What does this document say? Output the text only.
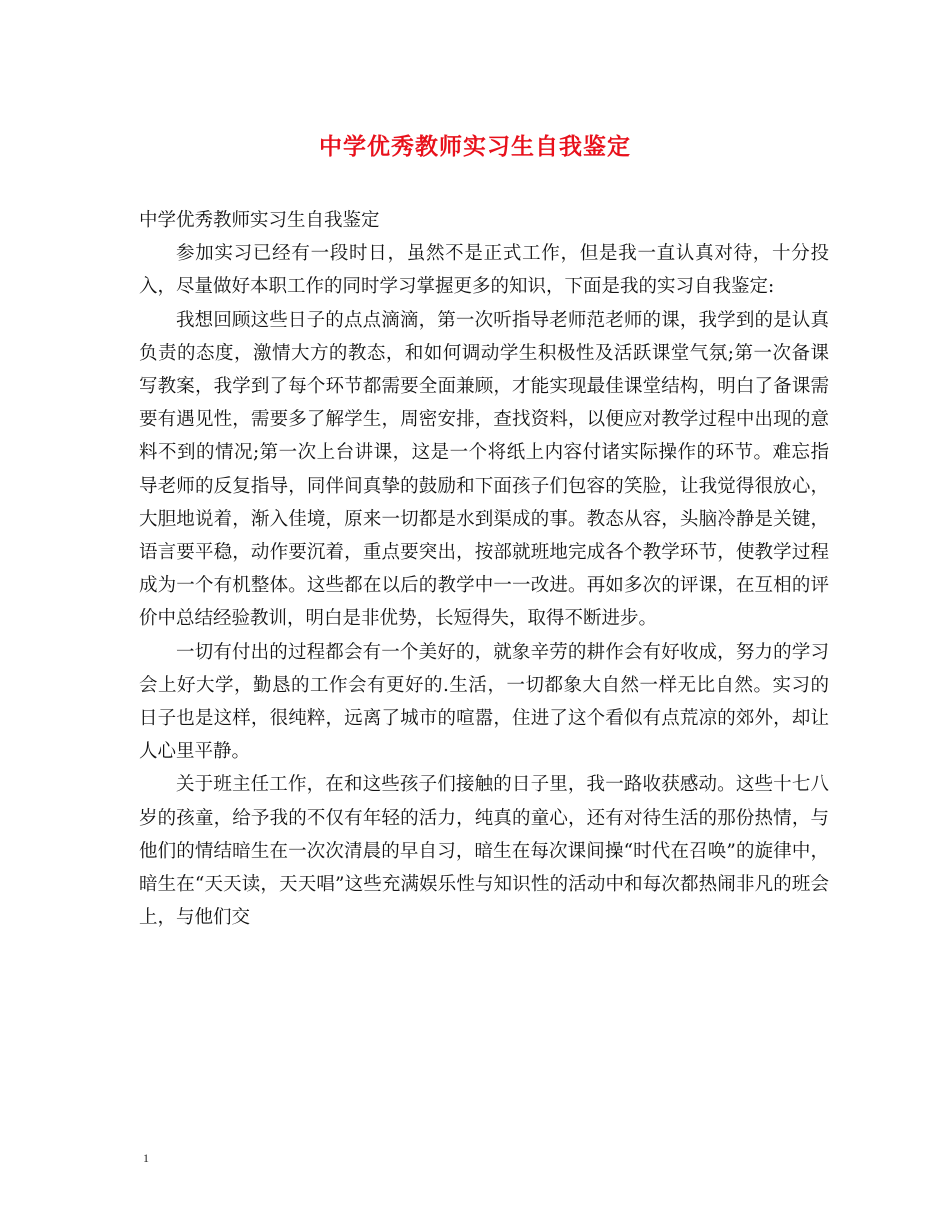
中学优秀教师实习生自我鉴定

中学优秀教师实习生自我鉴定

参加实习已经有一段时日，虽然不是正式工作，但是我一直认真对待，十分投入，尽量做好本职工作的同时学习掌握更多的知识，下面是我的实习自我鉴定:

我想回顾这些日子的点点滴滴，第一次听指导老师范老师的课，我学到的是认真负责的态度，激情大方的教态，和如何调动学生积极性及活跃课堂气氛;第一次备课写教案，我学到了每个环节都需要全面兼顾，才能实现最佳课堂结构，明白了备课需要有遇见性，需要多了解学生，周密安排，查找资料，以便应对教学过程中出现的意料不到的情况;第一次上台讲课，这是一个将纸上内容付诸实际操作的环节。难忘指导老师的反复指导，同伴间真挚的鼓励和下面孩子们包容的笑脸，让我觉得很放心，大胆地说着，渐入佳境，原来一切都是水到渠成的事。教态从容，头脑冷静是关键，语言要平稳，动作要沉着，重点要突出，按部就班地完成各个教学环节，使教学过程成为一个有机整体。这些都在以后的教学中一一改进。再如多次的评课，在互相的评价中总结经验教训，明白是非优势，长短得失，取得不断进步。

一切有付出的过程都会有一个美好的，就象辛劳的耕作会有好收成，努力的学习会上好大学，勤恳的工作会有更好的.生活，一切都象大自然一样无比自然。实习的日子也是这样，很纯粹，远离了城市的喧嚣，住进了这个看似有点荒凉的郊外，却让人心里平静。

关于班主任工作，在和这些孩子们接触的日子里，我一路收获感动。这些十七八岁的孩童，给予我的不仅有年轻的活力，纯真的童心，还有对待生活的那份热情，与他们的情结暗生在一次次清晨的早自习，暗生在每次课间操“时代在召唤”的旋律中，暗生在“天天读，天天唱”这些充满娱乐性与知识性的活动中和每次都热闹非凡的班会上，与他们交

1
